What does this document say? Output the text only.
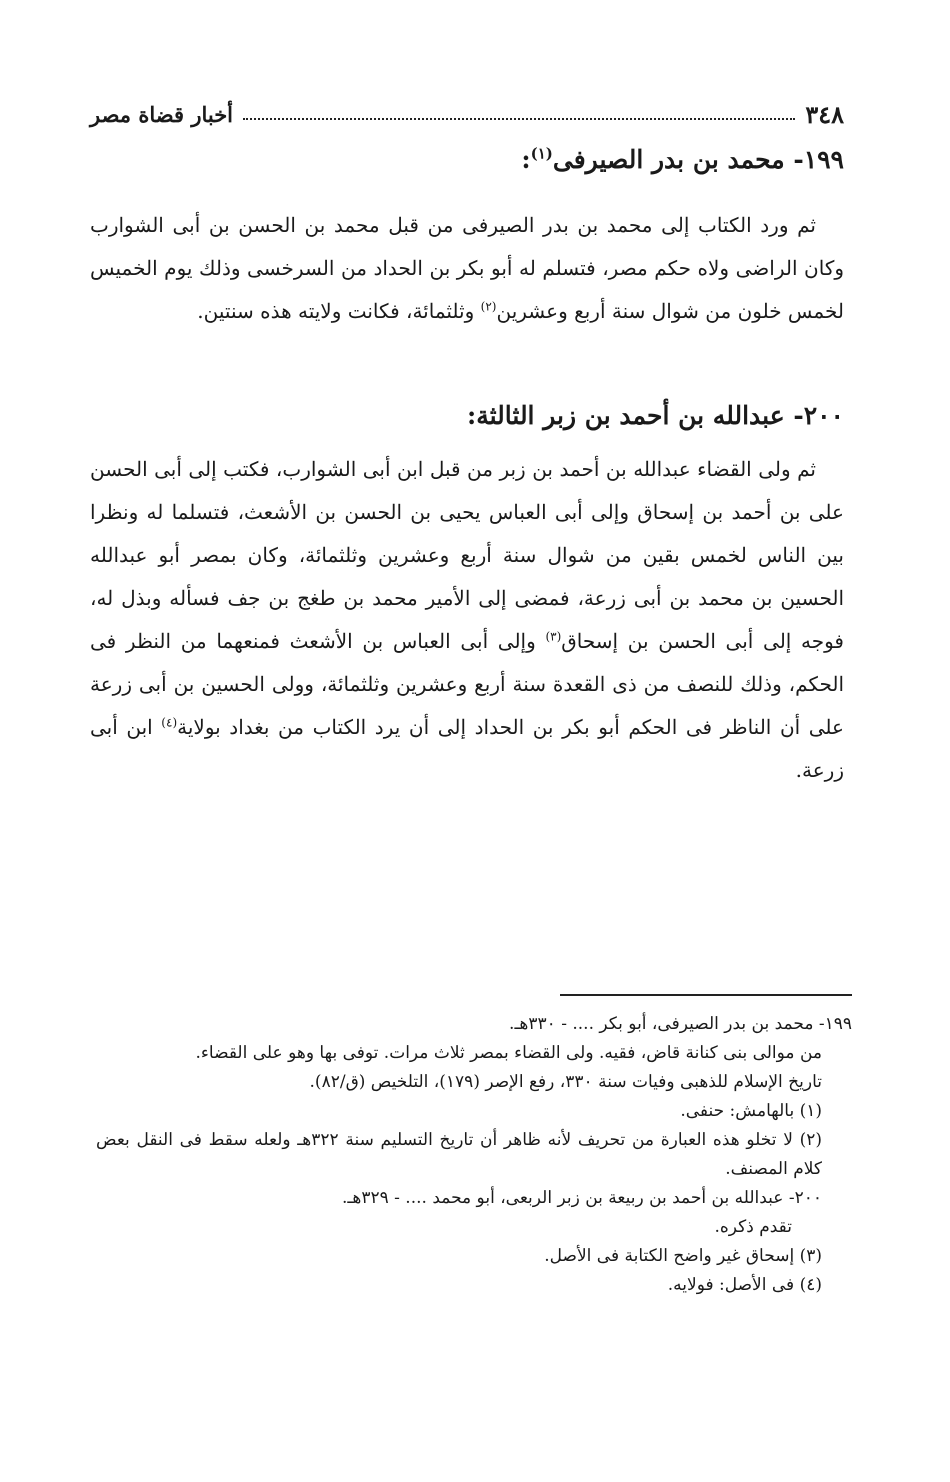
٣٤٨
أخبار قضاة مصر
١٩٩- محمد بن بدر الصيرفى$^{(١)}$:

ثم ورد الكتاب إلى محمد بن بدر الصيرفى من قبل محمد بن الحسن بن أبى الشوارب وكان الراضى ولاه حكم مصر، فتسلم له أبو بكر بن الحداد من السرخسى وذلك يوم الخميس لخمس خلون من شوال سنة أربع وعشرين$^{(٢)}$ وثلثمائة، فكانت ولايته هذه سنتين.

٢٠٠- عبدالله بن أحمد بن زبر الثالثة:

ثم ولى القضاء عبدالله بن أحمد بن زبر من قبل ابن أبى الشوارب، فكتب إلى أبى الحسن على بن أحمد بن إسحاق وإلى أبى العباس يحيى بن الحسن بن الأشعث، فتسلما له ونظرا بين الناس لخمس بقين من شوال سنة أربع وعشرين وثلثمائة، وكان بمصر أبو عبدالله الحسين بن محمد بن أبى زرعة، فمضى إلى الأمير محمد بن طغج بن جف فسأله وبذل له، فوجه إلى أبى الحسن بن إسحاق$^{(٣)}$ وإلى أبى العباس بن الأشعث فمنعهما من النظر فى الحكم، وذلك للنصف من ذى القعدة سنة أربع وعشرين وثلثمائة، وولى الحسين بن أبى زرعة على أن الناظر فى الحكم أبو بكر بن الحداد إلى أن يرد الكتاب من بغداد بولاية$^{(٤)}$ ابن أبى زرعة.

١٩٩- محمد بن بدر الصيرفى، أبو بكر .... - ٣٣٠هـ.

من موالى بنى كنانة قاض، فقيه. ولى القضاء بمصر ثلاث مرات. توفى بها وهو على القضاء.

تاريخ الإسلام للذهبى وفيات سنة ٣٣٠، رفع الإصر (١٧٩)، التلخيص (ق/٨٢).

(١) بالهامش: حنفى.

(٢) لا تخلو هذه العبارة من تحريف لأنه ظاهر أن تاريخ التسليم سنة ٣٢٢هـ ولعله سقط فى النقل بعض كلام المصنف.

٢٠٠- عبدالله بن أحمد بن ربيعة بن زبر الربعى، أبو محمد .... - ٣٢٩هـ.

تقدم ذكره.

(٣) إسحاق غير واضح الكتابة فى الأصل.

(٤) فى الأصل: فولايه.
